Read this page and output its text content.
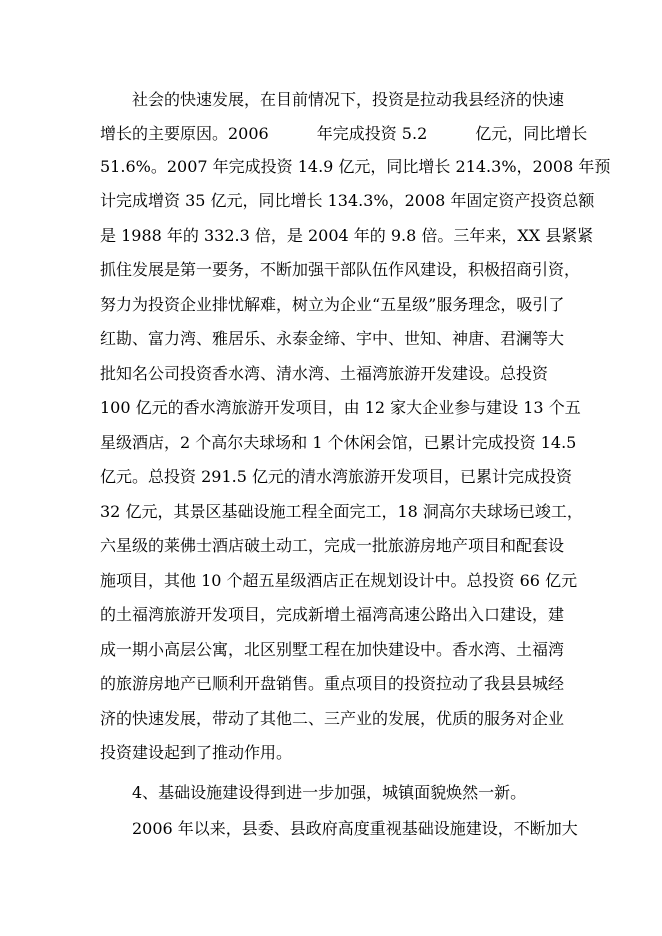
社会的快速发展，在目前情况下，投资是拉动我县经济的快速
增长的主要原因。2006　　　年完成投资 5.2　　　亿元，同比增长
51.6%。2007 年完成投资 14.9 亿元，同比增长 214.3%，2008 年预
计完成增资 35 亿元，同比增长 134.3%，2008 年固定资产投资总额
是 1988 年的 332.3 倍，是 2004 年的 9.8 倍。三年来，XX 县紧紧
抓住发展是第一要务，不断加强干部队伍作风建设，积极招商引资，
努力为投资企业排忧解难，树立为企业“五星级”服务理念，吸引了
红勘、富力湾、雅居乐、永泰金缔、宇中、世知、神唐、君澜等大
批知名公司投资香水湾、清水湾、土福湾旅游开发建设。总投资
100 亿元的香水湾旅游开发项目，由 12 家大企业参与建设 13 个五
星级酒店，2 个高尔夫球场和 1 个休闲会馆，已累计完成投资 14.5
亿元。总投资 291.5 亿元的清水湾旅游开发项目，已累计完成投资
32 亿元，其景区基础设施工程全面完工，18 洞高尔夫球场已竣工，
六星级的莱佛士酒店破土动工，完成一批旅游房地产项目和配套设
施项目，其他 10 个超五星级酒店正在规划设计中。总投资 66 亿元
的土福湾旅游开发项目，完成新增土福湾高速公路出入口建设，建
成一期小高层公寓，北区别墅工程在加快建设中。香水湾、土福湾
的旅游房地产已顺利开盘销售。重点项目的投资拉动了我县县城经
济的快速发展，带动了其他二、三产业的发展，优质的服务对企业
投资建设起到了推动作用。
4、基础设施建设得到进一步加强，城镇面貌焕然一新。
2006 年以来，县委、县政府高度重视基础设施建设，不断加大
